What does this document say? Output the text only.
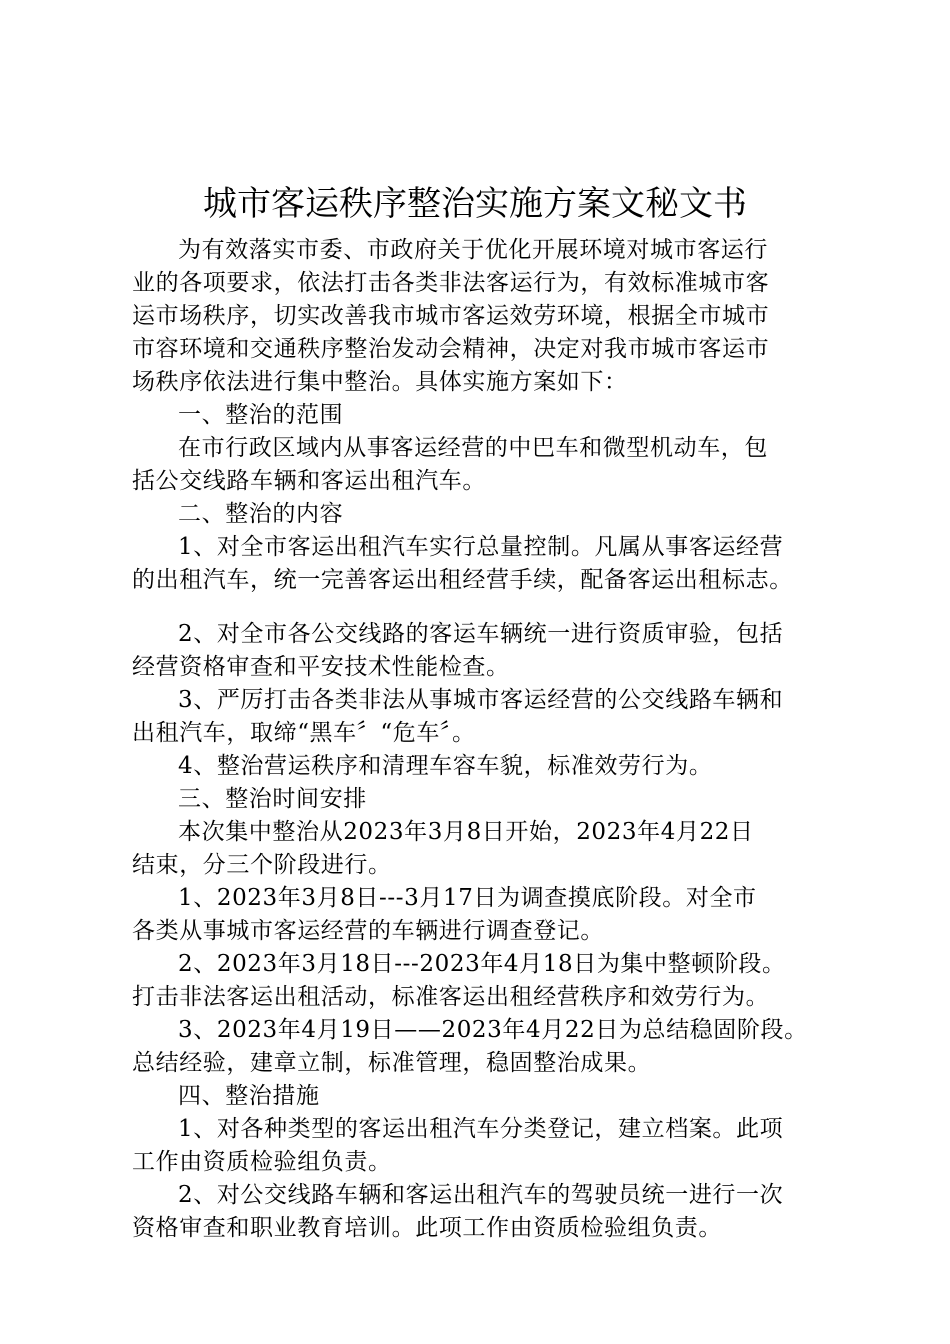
城市客运秩序整治实施方案文秘文书
为有效落实市委、市政府关于优化开展环境对城市客运行
业的各项要求，依法打击各类非法客运行为，有效标准城市客
运市场秩序，切实改善我市城市客运效劳环境，根据全市城市
市容环境和交通秩序整治发动会精神，决定对我市城市客运市
场秩序依法进行集中整治。具体实施方案如下：
一、整治的范围
在市行政区域内从事客运经营的中巴车和微型机动车，包
括公交线路车辆和客运出租汽车。
二、整治的内容
1、对全市客运出租汽车实行总量控制。凡属从事客运经营
的出租汽车，统一完善客运出租经营手续，配备客运出租标志。
2、对全市各公交线路的客运车辆统一进行资质审验，包括
经营资格审查和平安技术性能检查。
3、严厉打击各类非法从事城市客运经营的公交线路车辆和
出租汽车，取缔“黑车〞“危车〞。
4、整治营运秩序和清理车容车貌，标准效劳行为。
三、整治时间安排
本次集中整治从2023年3月8日开始，2023年4月22日
结束，分三个阶段进行。
1、2023年3月8日---3月17日为调查摸底阶段。对全市
各类从事城市客运经营的车辆进行调查登记。
2、2023年3月18日---2023年4月18日为集中整顿阶段。
打击非法客运出租活动，标准客运出租经营秩序和效劳行为。
3、2023年4月19日——2023年4月22日为总结稳固阶段。
总结经验，建章立制，标准管理，稳固整治成果。
四、整治措施
1、对各种类型的客运出租汽车分类登记，建立档案。此项
工作由资质检验组负责。
2、对公交线路车辆和客运出租汽车的驾驶员统一进行一次
资格审查和职业教育培训。此项工作由资质检验组负责。
